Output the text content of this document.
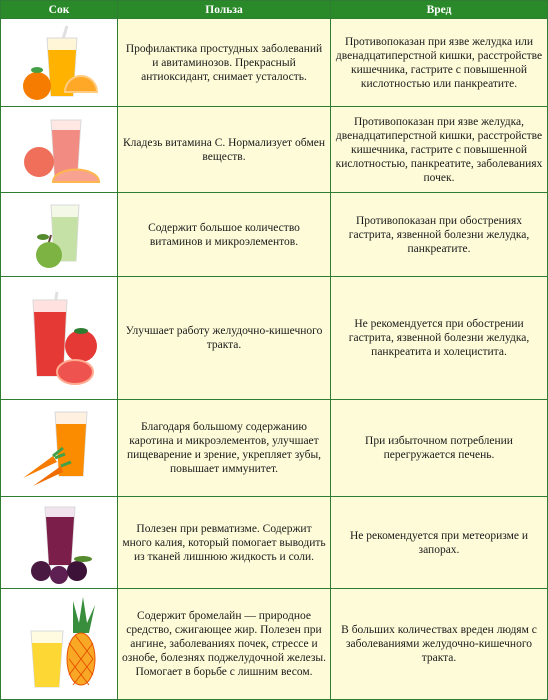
Сок	Польза	Вред

	Профилактика простудных заболеваний и авитаминозов. Прекрасный антиоксидант, снимает усталость.	Противопоказан при язве желудка или двенадцатиперстной кишки, расстройстве кишечника, гастрите с повышенной кислотностью или панкреатите.

	Кладезь витамина С. Нормализует обмен веществ.	Противопоказан при язве желудка, двенадцатиперстной кишки, расстройстве кишечника, гастрите с повышенной кислотностью, панкреатите, заболеваниях почек.

	Содержит большое количество витаминов и микроэлементов.	Противопоказан при обострениях гастрита, язвенной болезни желудка, панкреатите.

	Улучшает работу желудочно-кишечного тракта.	Не рекомендуется при обострении гастрита, язвенной болезни желудка, панкреатита и холецистита.

	Благодаря большому содержанию каротина и микроэлементов, улучшает пищеварение и зрение, укрепляет зубы, повышает иммунитет.	При избыточном потреблении перегружается печень.

	Полезен при ревматизме. Содержит много калия, который помогает выводить из тканей лишнюю жидкость и соли.	Не рекомендуется при метеоризме и запорах.

	Содержит бромелайн — природное средство, сжигающее жир. Полезен при ангине, заболеваниях почек, стрессе и ознобе, болезнях поджелудочной железы. Помогает в борьбе с лишним весом.	В больших количествах вреден людям с заболеваниями желудочно-кишечного тракта.
